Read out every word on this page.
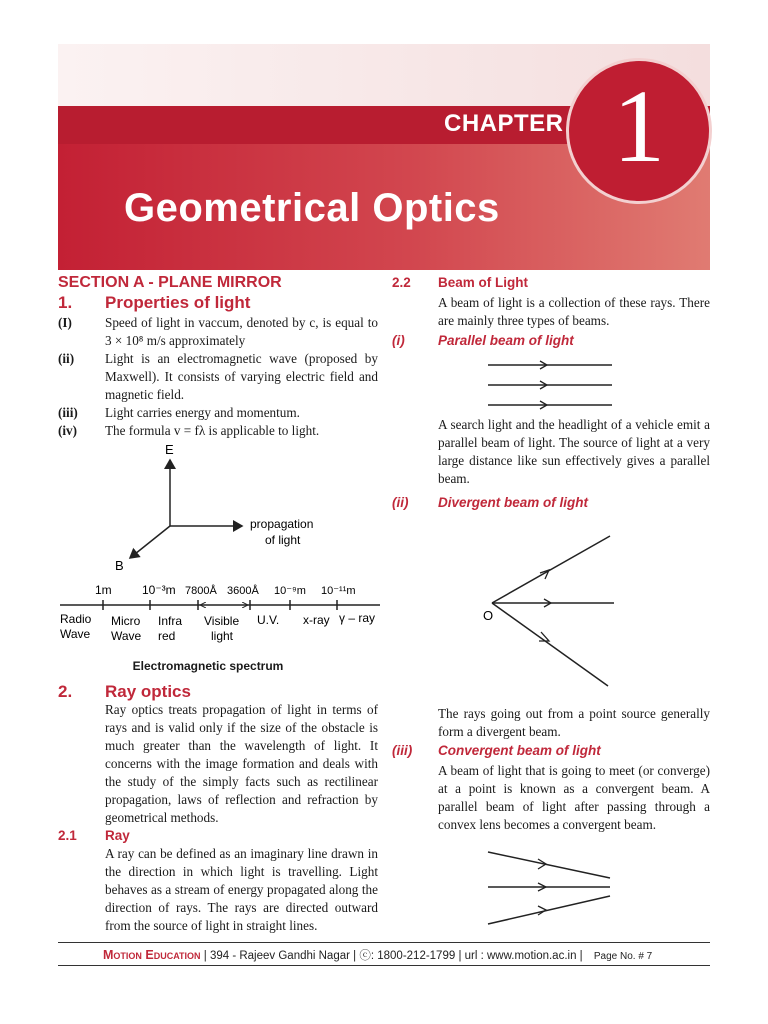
CHAPTER 1
Geometrical Optics
SECTION A - PLANE MIRROR
1. Properties of light
(I)	Speed of light in vaccum, denoted by c, is equal to 3 × 10⁸ m/s approximately
(ii)	Light is an electromagnetic wave (proposed by Maxwell). It consists of varying electric field and magnetic field.
(iii)	Light carries energy and momentum.
(iv)	The formula v = fλ is applicable to light.
E
B
propagation
of light
1m	10⁻³m 7800Å 3600Å 10⁻⁹m 10⁻¹¹m
Radio
Wave
Micro
Wave
Infra
red
Visible
light
U.V. x-ray γ – ray
Electromagnetic spectrum
2. Ray optics
Ray optics treats propagation of light in terms of rays and is valid only if the size of the obstacle is much greater than the wavelength of light. It concerns with the image formation and deals with the study of the simply facts such as rectilinear propagation, laws of reflection and refraction by geometrical methods.
2.1 Ray
A ray can be defined as an imaginary line drawn in the direction in which light is travelling. Light behaves as a stream of energy propagated along the direction of rays. The rays are directed outward from the source of light in straight lines.
2.2 Beam of Light
A beam of light is a collection of these rays. There are mainly three types of beams.
(i) Parallel beam of light
A search light and the headlight of a vehicle emit a parallel beam of light. The source of light at a very large distance like sun effectively gives a parallel beam.
(ii) Divergent beam of light
O
The rays going out from a point source generally form a divergent beam.
(iii) Convergent beam of light
A beam of light that is going to meet (or converge) at a point is known as a convergent beam. A parallel beam of light after passing through a convex lens becomes a convergent beam.
Motion Education | 394 - Rajeev Gandhi Nagar | ⓒ: 1800-212-1799 | url : www.motion.ac.in | Page No. # 7
